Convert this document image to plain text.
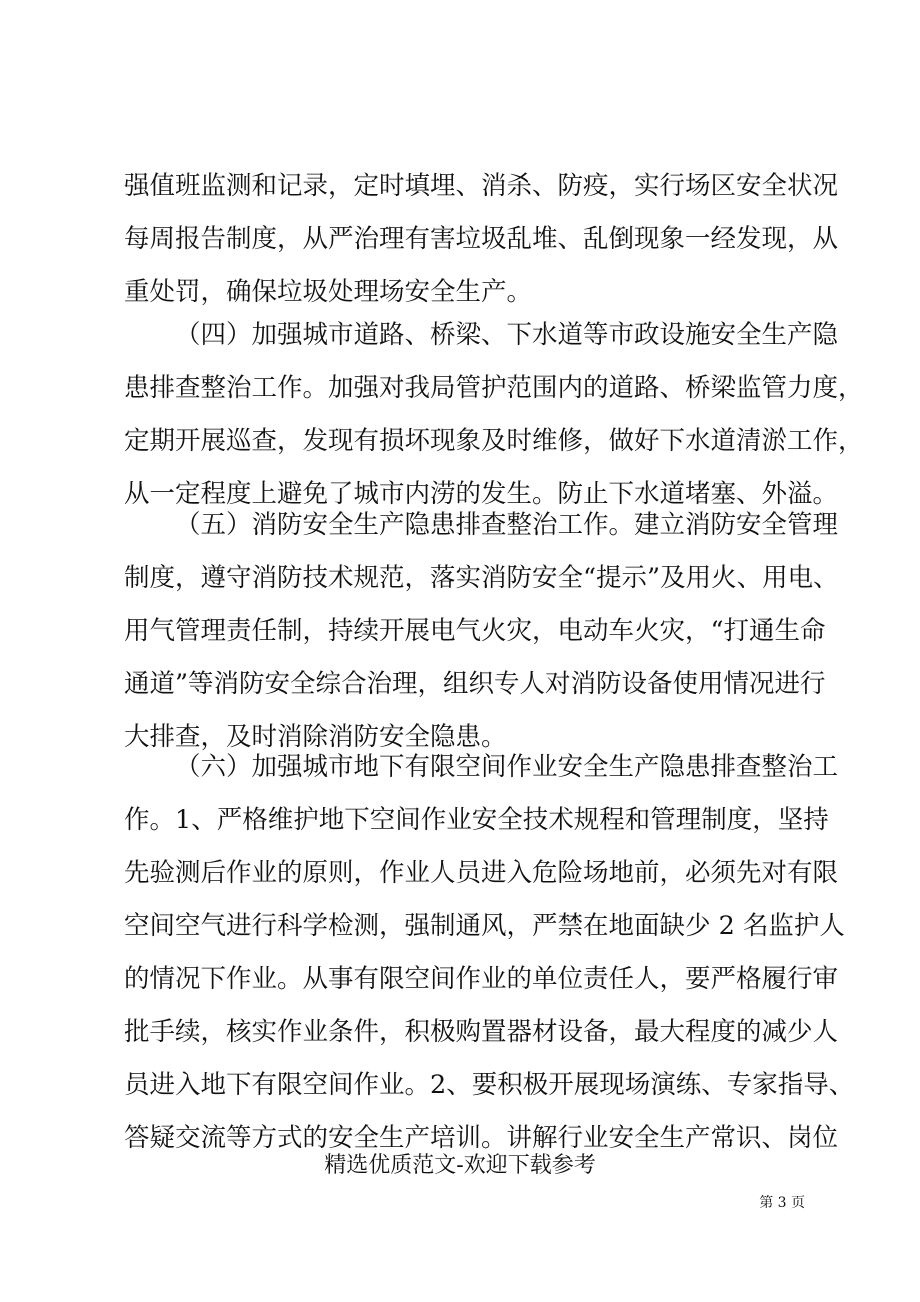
强值班监测和记录，定时填埋、消杀、防疫，实行场区安全状况
每周报告制度，从严治理有害垃圾乱堆、乱倒现象一经发现，从
重处罚，确保垃圾处理场安全生产。
（四）加强城市道路、桥梁、下水道等市政设施安全生产隐
患排查整治工作。加强对我局管护范围内的道路、桥梁监管力度，
定期开展巡查，发现有损坏现象及时维修，做好下水道清淤工作，
从一定程度上避免了城市内涝的发生。防止下水道堵塞、外溢。
（五）消防安全生产隐患排查整治工作。建立消防安全管理
制度，遵守消防技术规范，落实消防安全“提示”及用火、用电、
用气管理责任制，持续开展电气火灾，电动车火灾，“打通生命
通道”等消防安全综合治理，组织专人对消防设备使用情况进行
大排查，及时消除消防安全隐患。
（六）加强城市地下有限空间作业安全生产隐患排查整治工
作。1、严格维护地下空间作业安全技术规程和管理制度，坚持
先验测后作业的原则，作业人员进入危险场地前，必须先对有限
空间空气进行科学检测，强制通风，严禁在地面缺少 2 名监护人
的情况下作业。从事有限空间作业的单位责任人，要严格履行审
批手续，核实作业条件，积极购置器材设备，最大程度的减少人
员进入地下有限空间作业。2、要积极开展现场演练、专家指导、
答疑交流等方式的安全生产培训。讲解行业安全生产常识、岗位
精选优质范文-欢迎下载参考
第 3 页
